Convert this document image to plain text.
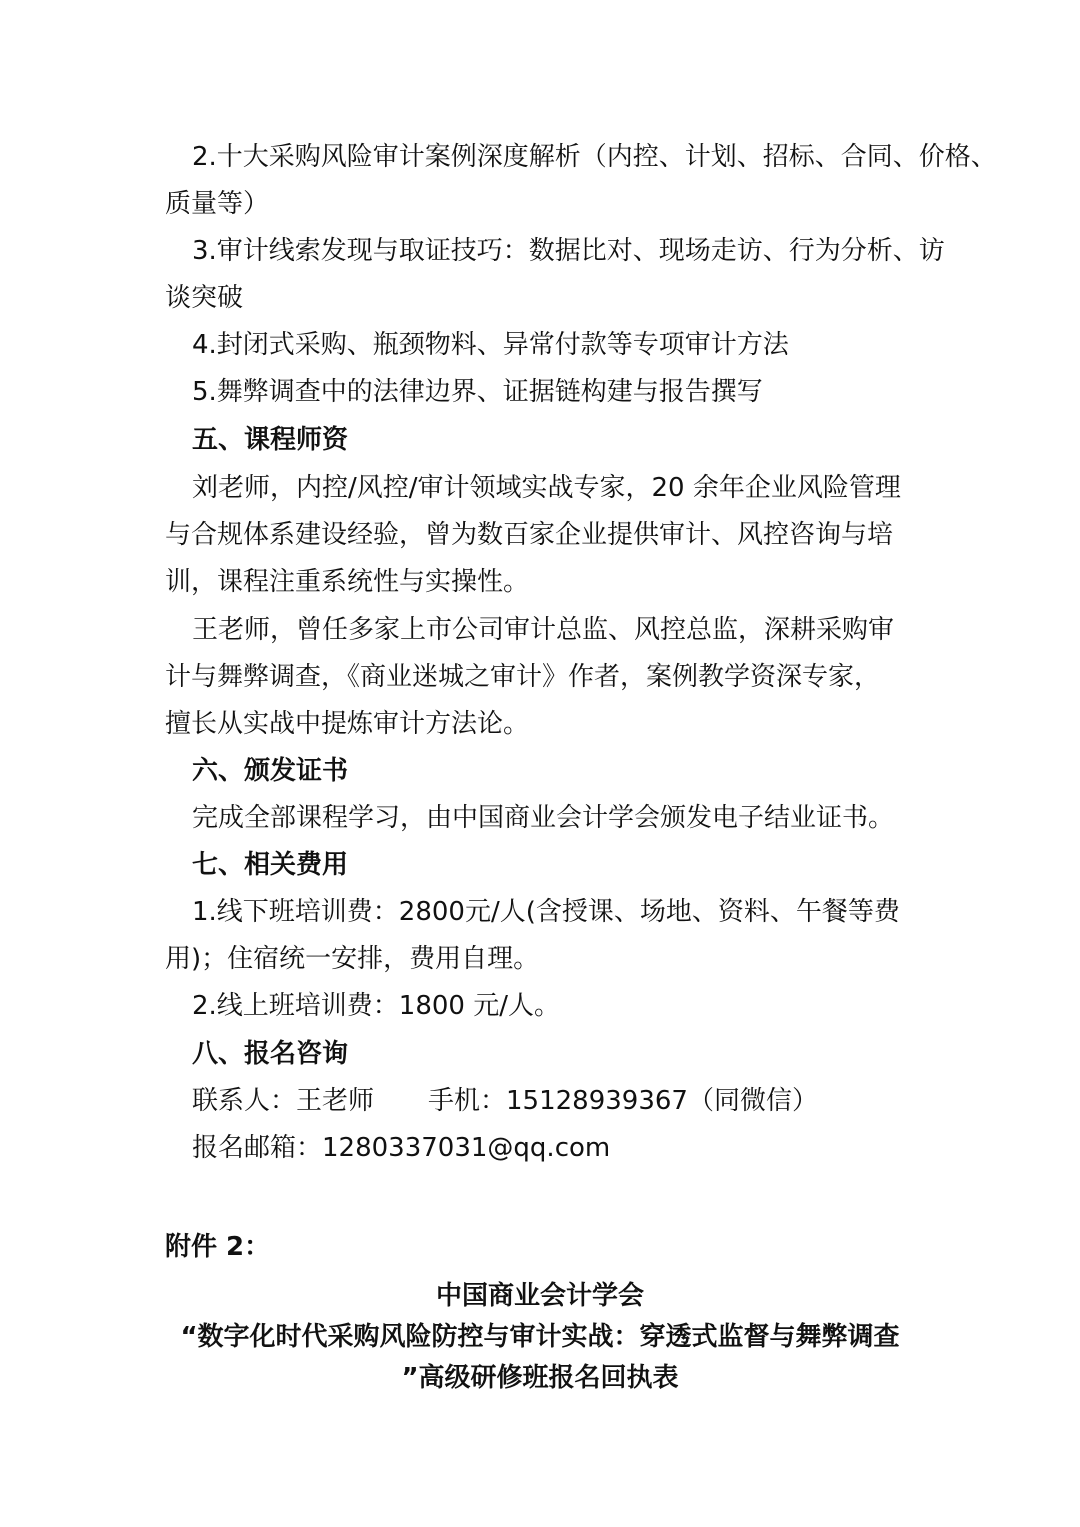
2.十大采购风险审计案例深度解析（内控、计划、招标、合同、价格、
质量等）
3.审计线索发现与取证技巧：数据比对、现场走访、行为分析、访
谈突破
4.封闭式采购、瓶颈物料、异常付款等专项审计方法
5.舞弊调查中的法律边界、证据链构建与报告撰写
五、课程师资
刘老师，内控/风控/审计领域实战专家，20 余年企业风险管理
与合规体系建设经验，曾为数百家企业提供审计、风控咨询与培
训，课程注重系统性与实操性。
王老师，曾任多家上市公司审计总监、风控总监，深耕采购审
计与舞弊调查，《商业迷城之审计》作者，案例教学资深专家，
擅长从实战中提炼审计方法论。
六、颁发证书
完成全部课程学习，由中国商业会计学会颁发电子结业证书。
七、相关费用
1.线下班培训费：2800元/人(含授课、场地、资料、午餐等费
用)；住宿统一安排，费用自理。
2.线上班培训费：1800 元/人。
八、报名咨询
联系人：王老师 手机：15128939367（同微信）
报名邮箱：1280337031@qq.com
附件 2：
中国商业会计学会
“数字化时代采购风险防控与审计实战：穿透式监督与舞弊调查
”高级研修班报名回执表
